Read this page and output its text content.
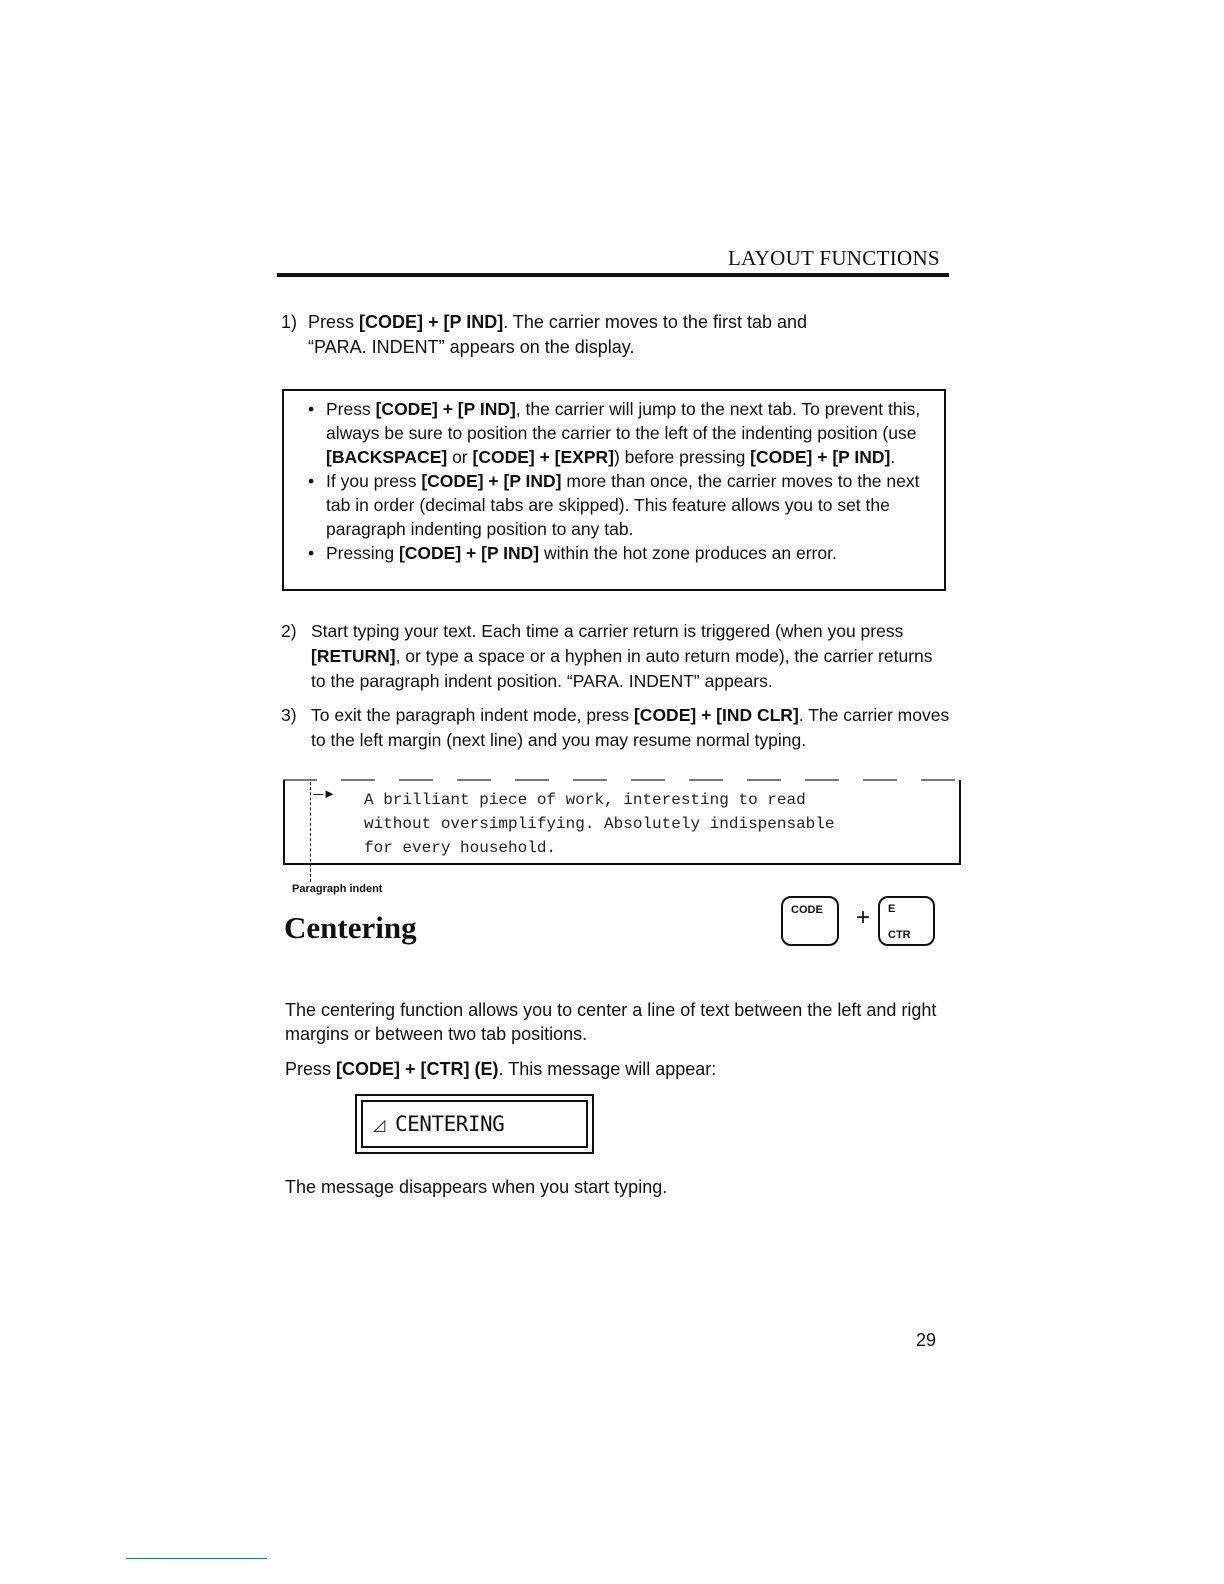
LAYOUT FUNCTIONS
1) Press [CODE] + [P IND]. The carrier moves to the first tab and
“PARA. INDENT” appears on the display.
• Press [CODE] + [P IND], the carrier will jump to the next tab. To prevent this, always be sure to position the carrier to the left of the indenting position (use [BACKSPACE] or [CODE] + [EXPR]) before pressing [CODE] + [P IND].
• If you press [CODE] + [P IND] more than once, the carrier moves to the next tab in order (decimal tabs are skipped). This feature allows you to set the paragraph indenting position to any tab.
• Pressing [CODE] + [P IND] within the hot zone produces an error.
2) Start typing your text. Each time a carrier return is triggered (when you press [RETURN], or type a space or a hyphen in auto return mode), the carrier returns to the paragraph indent position. “PARA. INDENT” appears.
3) To exit the paragraph indent mode, press [CODE] + [IND CLR]. The carrier moves to the left margin (next line) and you may resume normal typing.
---► A brilliant piece of work, interesting to read
without oversimplifying. Absolutely indispensable
for every household.
Paragraph indent
Centering	CODE + E
CTR
The centering function allows you to center a line of text between the left and right margins or between two tab positions.
Press [CODE] + [CTR] (E). This message will appear:
◿ CENTERING
The message disappears when you start typing.
29
